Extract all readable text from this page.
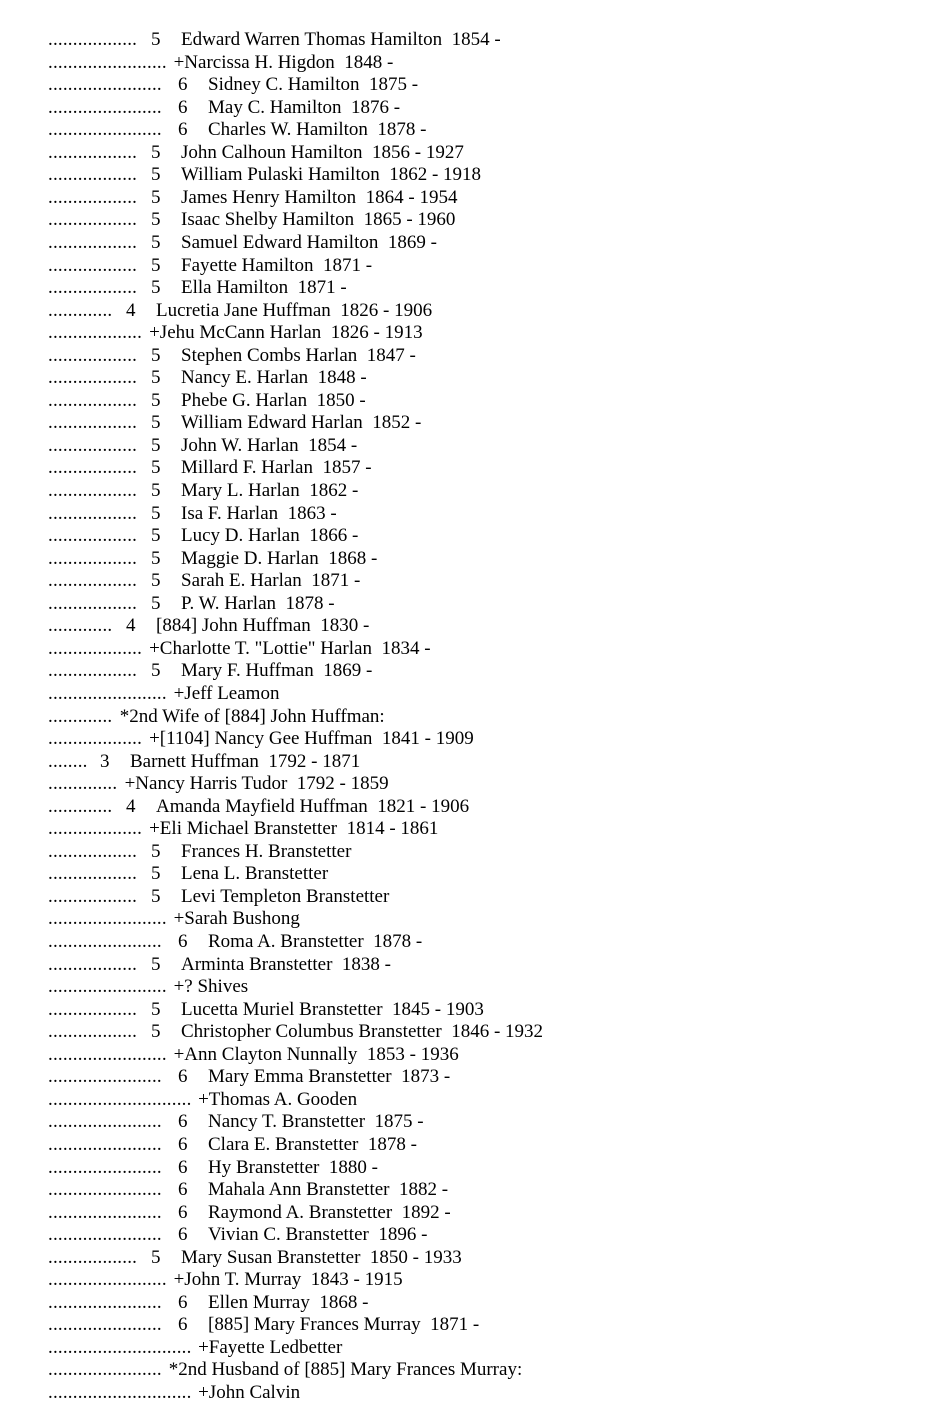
.................. 5 Edward Warren Thomas Hamilton  1854 -
........................ +Narcissa H. Higdon  1848 -
....................... 6 Sidney C. Hamilton  1875 -
....................... 6 May C. Hamilton  1876 -
....................... 6 Charles W. Hamilton  1878 -
.................. 5 John Calhoun Hamilton  1856 - 1927
.................. 5 William Pulaski Hamilton  1862 - 1918
.................. 5 James Henry Hamilton  1864 - 1954
.................. 5 Isaac Shelby Hamilton  1865 - 1960
.................. 5 Samuel Edward Hamilton  1869 -
.................. 5 Fayette Hamilton  1871 -
.................. 5 Ella Hamilton  1871 -
............. 4 Lucretia Jane Huffman  1826 - 1906
................... +Jehu McCann Harlan  1826 - 1913
.................. 5 Stephen Combs Harlan  1847 -
.................. 5 Nancy E. Harlan  1848 -
.................. 5 Phebe G. Harlan  1850 -
.................. 5 William Edward Harlan  1852 -
.................. 5 John W. Harlan  1854 -
.................. 5 Millard F. Harlan  1857 -
.................. 5 Mary L. Harlan  1862 -
.................. 5 Isa F. Harlan  1863 -
.................. 5 Lucy D. Harlan  1866 -
.................. 5 Maggie D. Harlan  1868 -
.................. 5 Sarah E. Harlan  1871 -
.................. 5 P. W. Harlan  1878 -
............. 4 [884] John Huffman  1830 -
................... +Charlotte T. "Lottie" Harlan  1834 -
.................. 5 Mary F. Huffman  1869 -
........................ +Jeff Leamon
............. *2nd Wife of [884] John Huffman:
................... +[1104] Nancy Gee Huffman  1841 - 1909
........ 3 Barnett Huffman  1792 - 1871
.............. +Nancy Harris Tudor  1792 - 1859
............. 4 Amanda Mayfield Huffman  1821 - 1906
................... +Eli Michael Branstetter  1814 - 1861
.................. 5 Frances H. Branstetter
.................. 5 Lena L. Branstetter
.................. 5 Levi Templeton Branstetter
........................ +Sarah Bushong
....................... 6 Roma A. Branstetter  1878 -
.................. 5 Arminta Branstetter  1838 -
........................ +? Shives
.................. 5 Lucetta Muriel Branstetter  1845 - 1903
.................. 5 Christopher Columbus Branstetter  1846 - 1932
........................ +Ann Clayton Nunnally  1853 - 1936
....................... 6 Mary Emma Branstetter  1873 -
............................. +Thomas A. Gooden
....................... 6 Nancy T. Branstetter  1875 -
....................... 6 Clara E. Branstetter  1878 -
....................... 6 Hy Branstetter  1880 -
....................... 6 Mahala Ann Branstetter  1882 -
....................... 6 Raymond A. Branstetter  1892 -
....................... 6 Vivian C. Branstetter  1896 -
.................. 5 Mary Susan Branstetter  1850 - 1933
........................ +John T. Murray  1843 - 1915
....................... 6 Ellen Murray  1868 -
....................... 6 [885] Mary Frances Murray  1871 -
............................. +Fayette Ledbetter
....................... *2nd Husband of [885] Mary Frances Murray:
............................. +John Calvin
